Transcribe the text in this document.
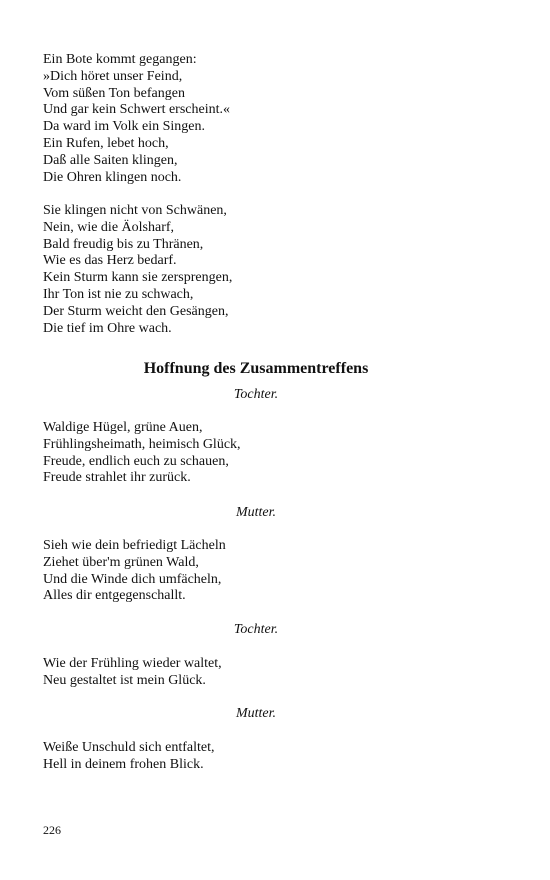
Ein Bote kommt gegangen:
»Dich höret unser Feind,
Vom süßen Ton befangen
Und gar kein Schwert erscheint.«
Da ward im Volk ein Singen.
Ein Rufen, lebet hoch,
Daß alle Saiten klingen,
Die Ohren klingen noch.
Sie klingen nicht von Schwänen,
Nein, wie die Äolsharf,
Bald freudig bis zu Thränen,
Wie es das Herz bedarf.
Kein Sturm kann sie zersprengen,
Ihr Ton ist nie zu schwach,
Der Sturm weicht den Gesängen,
Die tief im Ohre wach.
Hoffnung des Zusammentreffens
Tochter.
Waldige Hügel, grüne Auen,
Frühlingsheimath, heimisch Glück,
Freude, endlich euch zu schauen,
Freude strahlet ihr zurück.
Mutter.
Sieh wie dein befriedigt Lächeln
Ziehet über'm grünen Wald,
Und die Winde dich umfächeln,
Alles dir entgegenschallt.
Tochter.
Wie der Frühling wieder waltet,
Neu gestaltet ist mein Glück.
Mutter.
Weiße Unschuld sich entfaltet,
Hell in deinem frohen Blick.
226
